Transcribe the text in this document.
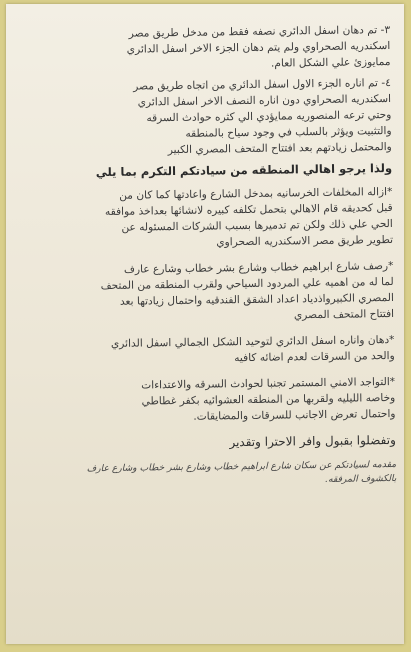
٣- تم دهان اسفل الدائري نصفه فقط من مدخل طريق مصر
اسكندريه الصحراوي ولم يتم دهان الجزء الاخر اسفل الدائري
مماي‍وزئ علي الشكل العام.

٤- تم اناره الجزء الاول اسفل الدائري من اتجاه طريق مصر
اسكندريه الصحراوي دون اناره النصف الاخر اسفل الدائري
وحتي ترعه المنصوريه ممايؤدي الي كثره حوادث السرقه
والتثبيت ويؤثر بالسلب في وجود سياح بالمنطقه
والمحتمل زيادتهم بعد افتتاح المتحف المصري الكبير

ولذا يرجو اهالي المنطقه من سيادتكم التكرم بما يلي

*ازاله المخلفات الخرسانيه بمدخل الشارع واعادتها كما كان من
قبل كحديقه قام الاهالي بتحمل تكلفه كبيره لانشائها بعداخذ موافقه
الحي علي ذلك ولكن تم تدميرها بسبب الشركات المسئوله عن
تطوير طريق مصر الاسكندريه الصحراوي

*رصف شارع ابراهيم خطاب وشارع بشر خطاب وشارع عارف
لما له من اهميه علي المردود السياحي ولقرب المنطقه من المتحف
المصري الكبيرواذدياد اعداد الشقق الفندقيه واحتمال زيادتها بعد
افتتاح المتحف المصري

*دهان واناره اسفل الدائري لتوحيد الشكل الجمالي اسفل الدائري
والحد من السرقات لعدم اضائه كافيه

*التواجد الامني المستمر تجنبا لحوادث السرقه والاعتداءات
وخاصه الليليه ولقربها من المنطقه العشوائيه بكفر غطاطي
واحتمال تعرض الاجانب للسرقات والمضايقات.

وتفضلوا بقبول وافر الاحترا وتقدير

مقدمه لسيادتكم عن سكان شارع ابراهيم خطاب وشارع بشر خطاب وشارع عارف
بالكشوف المرفقه.
